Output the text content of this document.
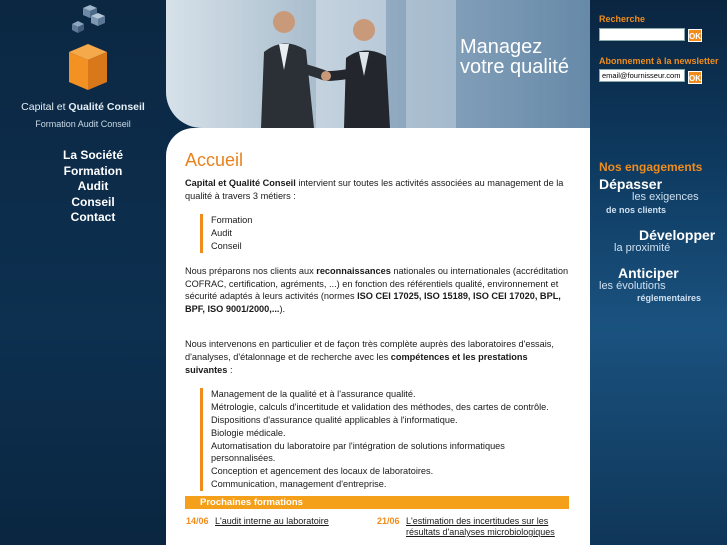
Capital et Qualité Conseil
Formation Audit Conseil
La Société
Formation
Audit
Conseil
Contact
Managez
votre qualité
Accueil
Capital et Qualité Conseil intervient sur toutes les activités associées au management de la qualité à travers 3 métiers :
Formation
Audit
Conseil
Nous préparons nos clients aux reconnaissances nationales ou internationales (accréditation COFRAC, certification, agréments, ...) en fonction des référentiels qualité, environnement et sécurité adaptés à leurs activités (normes ISO CEI 17025, ISO 15189, ISO CEI 17020, BPL, BPF, ISO 9001/2000,...).
Nous intervenons en particulier et de façon très complète auprès des laboratoires d'essais, d'analyses, d'étalonnage et de recherche avec les compétences et les prestations suivantes :
Management de la qualité et à l'assurance qualité.
Métrologie, calculs d'incertitude et validation des méthodes, des cartes de contrôle.
Dispositions d'assurance qualité applicables à l'informatique.
Biologie médicale.
Automatisation du laboratoire par l'intégration de solutions informatiques personnalisées.
Conception et agencement des locaux de laboratoires.
Communication, management d'entreprise.
Prochaines formations
14/06 L'audit interne au laboratoire	21/06 L'estimation des incertitudes sur les résultats d'analyses microbiologiques
Recherche
OK
Abonnement à la newsletter
email@fournisseur.com
OK
Nos engagements
Dépasser
les exigences
de nos clients
Développer
la proximité
Anticiper
les évolutions
réglementaires
